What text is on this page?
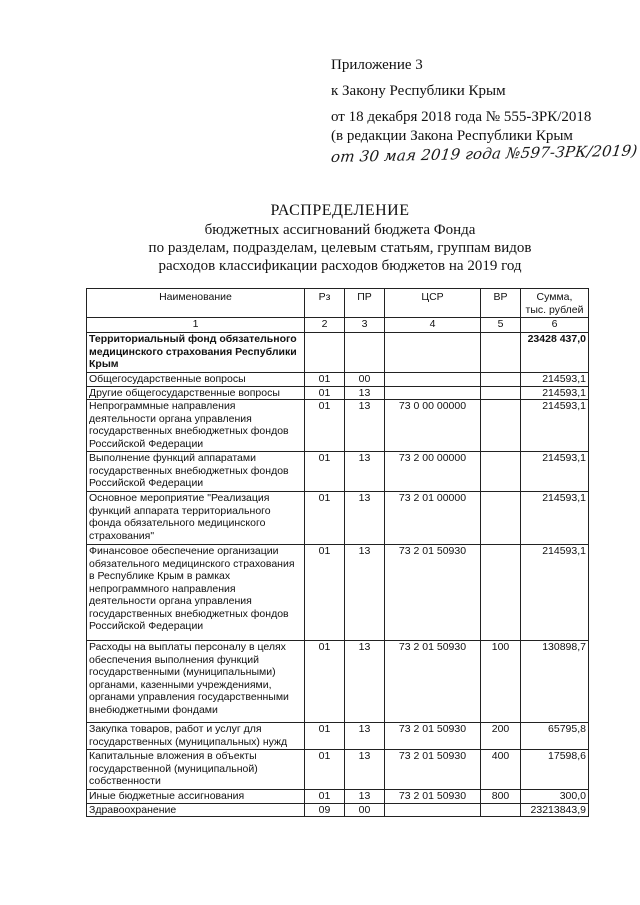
Приложение 3
к Закону Республики Крым
от 18 декабря 2018 года № 555-ЗРК/2018
(в редакции Закона Республики Крым
от 30 мая 2019 года №597-ЗРК/2019)
РАСПРЕДЕЛЕНИЕ
бюджетных ассигнований бюджета Фонда
по разделам, подразделам, целевым статьям, группам видов
расходов классификации расходов бюджетов на 2019 год
Наименование	Рз	ПР	ЦСР	ВР	Сумма,
тыс. рублей
1	2	3	4	5	6
Территориальный фонд обязательного медицинского страхования Республики Крым					23428 437,0
Общегосударственные вопросы	01	00			214593,1
Другие общегосударственные вопросы	01	13			214593,1
Непрограммные направления деятельности органа управления государственных внебюджетных фондов Российской Федерации	01	13	73 0 00 00000		214593,1
Выполнение функций аппаратами государственных внебюджетных фондов Российской Федерации	01	13	73 2 00 00000		214593,1
Основное мероприятие "Реализация функций аппарата территориального фонда обязательного медицинского страхования"	01	13	73 2 01 00000		214593,1
Финансовое обеспечение организации обязательного медицинского страхования в Республике Крым в рамках непрограммного направления деятельности органа управления государственных внебюджетных фондов Российской Федерации	01	13	73 2 01 50930		214593,1
Расходы на выплаты персоналу в целях обеспечения выполнения функций государственными (муниципальными) органами, казенными учреждениями, органами управления государственными внебюджетными фондами	01	13	73 2 01 50930	100	130898,7
Закупка товаров, работ и услуг для государственных (муниципальных) нужд	01	13	73 2 01 50930	200	65795,8
Капитальные вложения в объекты государственной (муниципальной) собственности	01	13	73 2 01 50930	400	17598,6
Иные бюджетные ассигнования	01	13	73 2 01 50930	800	300,0
Здравоохранение	09	00			23213843,9
